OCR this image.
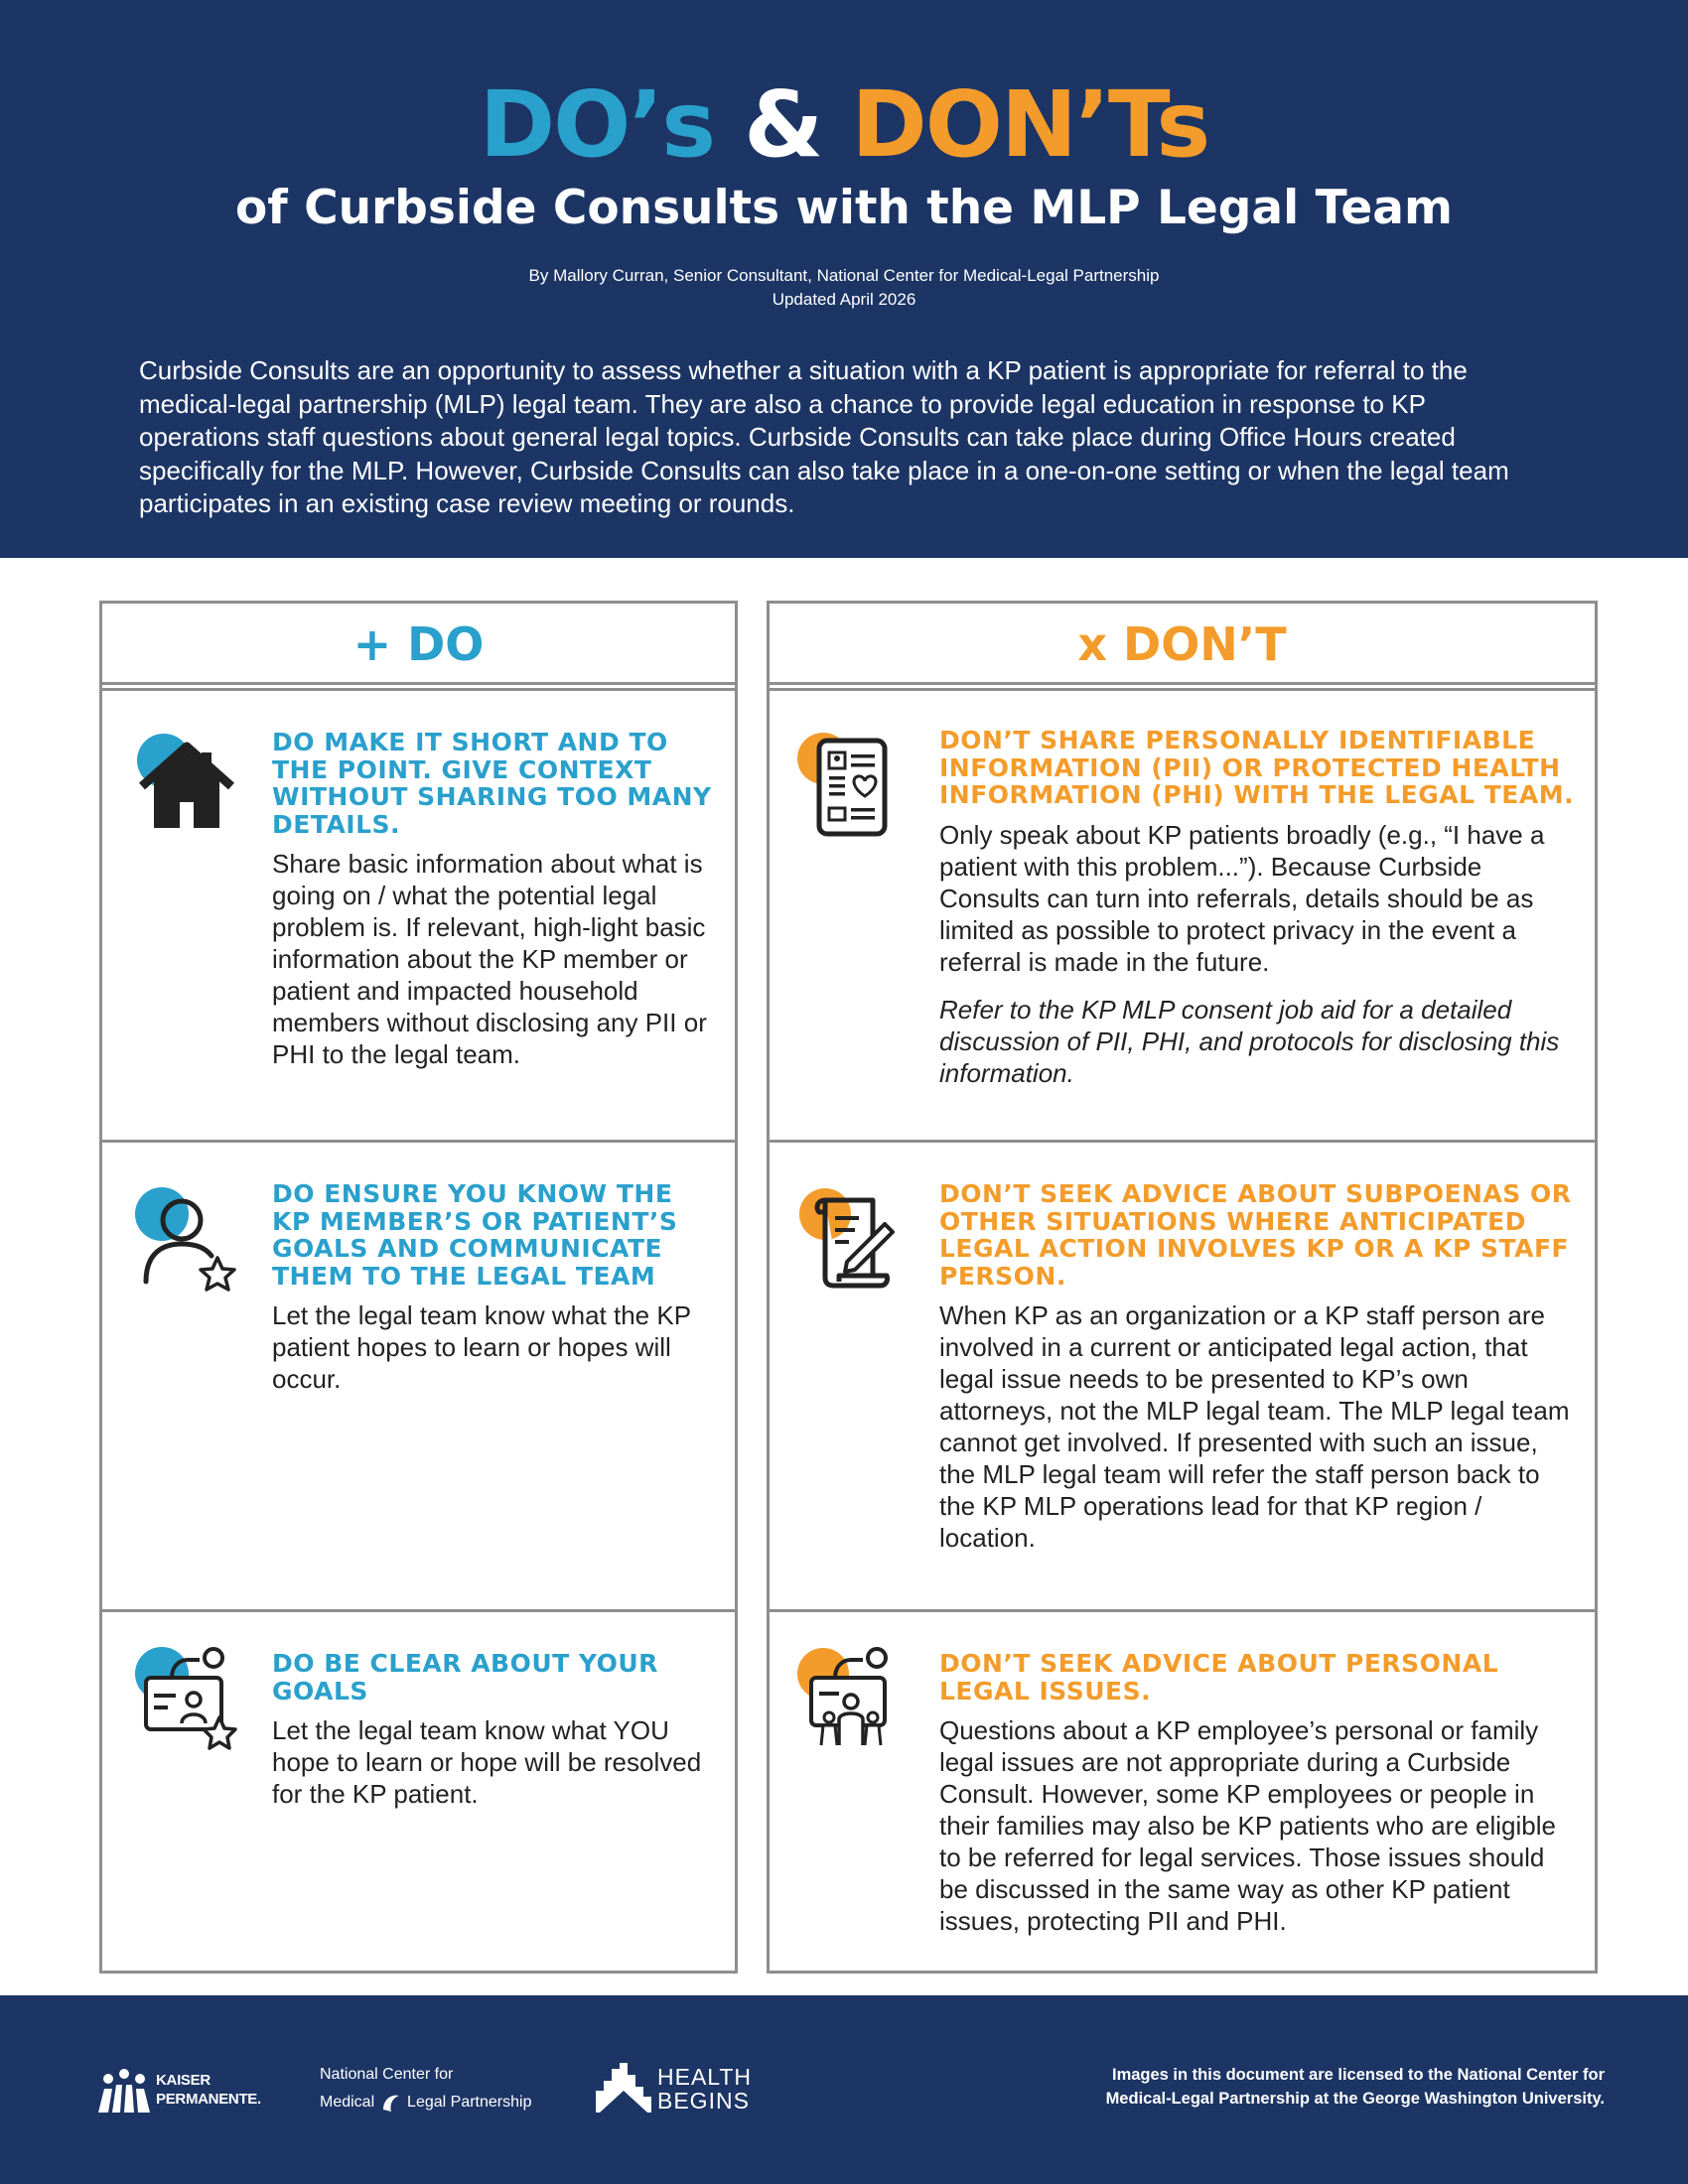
DO’s & DON’Ts
of Curbside Consults with the MLP Legal Team
By Mallory Curran, Senior Consultant, National Center for Medical-Legal Partnership
Updated April 2026
Curbside Consults are an opportunity to assess whether a situation with a KP patient is appropriate for referral to the medical-legal partnership (MLP) legal team. They are also a chance to provide legal education in response to KP operations staff questions about general legal topics. Curbside Consults can take place during Office Hours created specifically for the MLP. However, Curbside Consults can also take place in a one-on-one setting or when the legal team participates in an existing case review meeting or rounds.
+ DO
DO MAKE IT SHORT AND TO THE POINT. GIVE CONTEXT WITHOUT SHARING TOO MANY DETAILS.
Share basic information about what is going on / what the potential legal problem is. If relevant, high-light basic information about the KP member or patient and impacted household members without disclosing any PII or PHI to the legal team.
DO ENSURE YOU KNOW THE KP MEMBER’S OR PATIENT’S GOALS AND COMMUNICATE THEM TO THE LEGAL TEAM
Let the legal team know what the KP patient hopes to learn or hopes will occur.
DO BE CLEAR ABOUT YOUR GOALS
Let the legal team know what YOU hope to learn or hope will be resolved for the KP patient.
x DON’T
DON’T SHARE PERSONALLY IDENTIFIABLE INFORMATION (PII) OR PROTECTED HEALTH INFORMATION (PHI) WITH THE LEGAL TEAM.
Only speak about KP patients broadly (e.g., “I have a patient with this problem...”). Because Curbside Consults can turn into referrals, details should be as limited as possible to protect privacy in the event a referral is made in the future.
Refer to the KP MLP consent job aid for a detailed discussion of PII, PHI, and protocols for disclosing this information.
DON’T SEEK ADVICE ABOUT SUBPOENAS OR OTHER SITUATIONS WHERE ANTICIPATED LEGAL ACTION INVOLVES KP OR A KP STAFF PERSON.
When KP as an organization or a KP staff person are involved in a current or anticipated legal action, that legal issue needs to be presented to KP’s own attorneys, not the MLP legal team. The MLP legal team cannot get involved. If presented with such an issue, the MLP legal team will refer the staff person back to the KP MLP operations lead for that KP region / location.
DON’T SEEK ADVICE ABOUT PERSONAL LEGAL ISSUES.
Questions about a KP employee’s personal or family legal issues are not appropriate during a Curbside Consult. However, some KP employees or people in their families may also be KP patients who are eligible to be referred for legal services. Those issues should be discussed in the same way as other KP patient issues, protecting PII and PHI.
KAISER
PERMANENTE.
National Center for
Medical Legal Partnership
HEALTH
BEGINS
Images in this document are licensed to the National Center for
Medical-Legal Partnership at the George Washington University.
